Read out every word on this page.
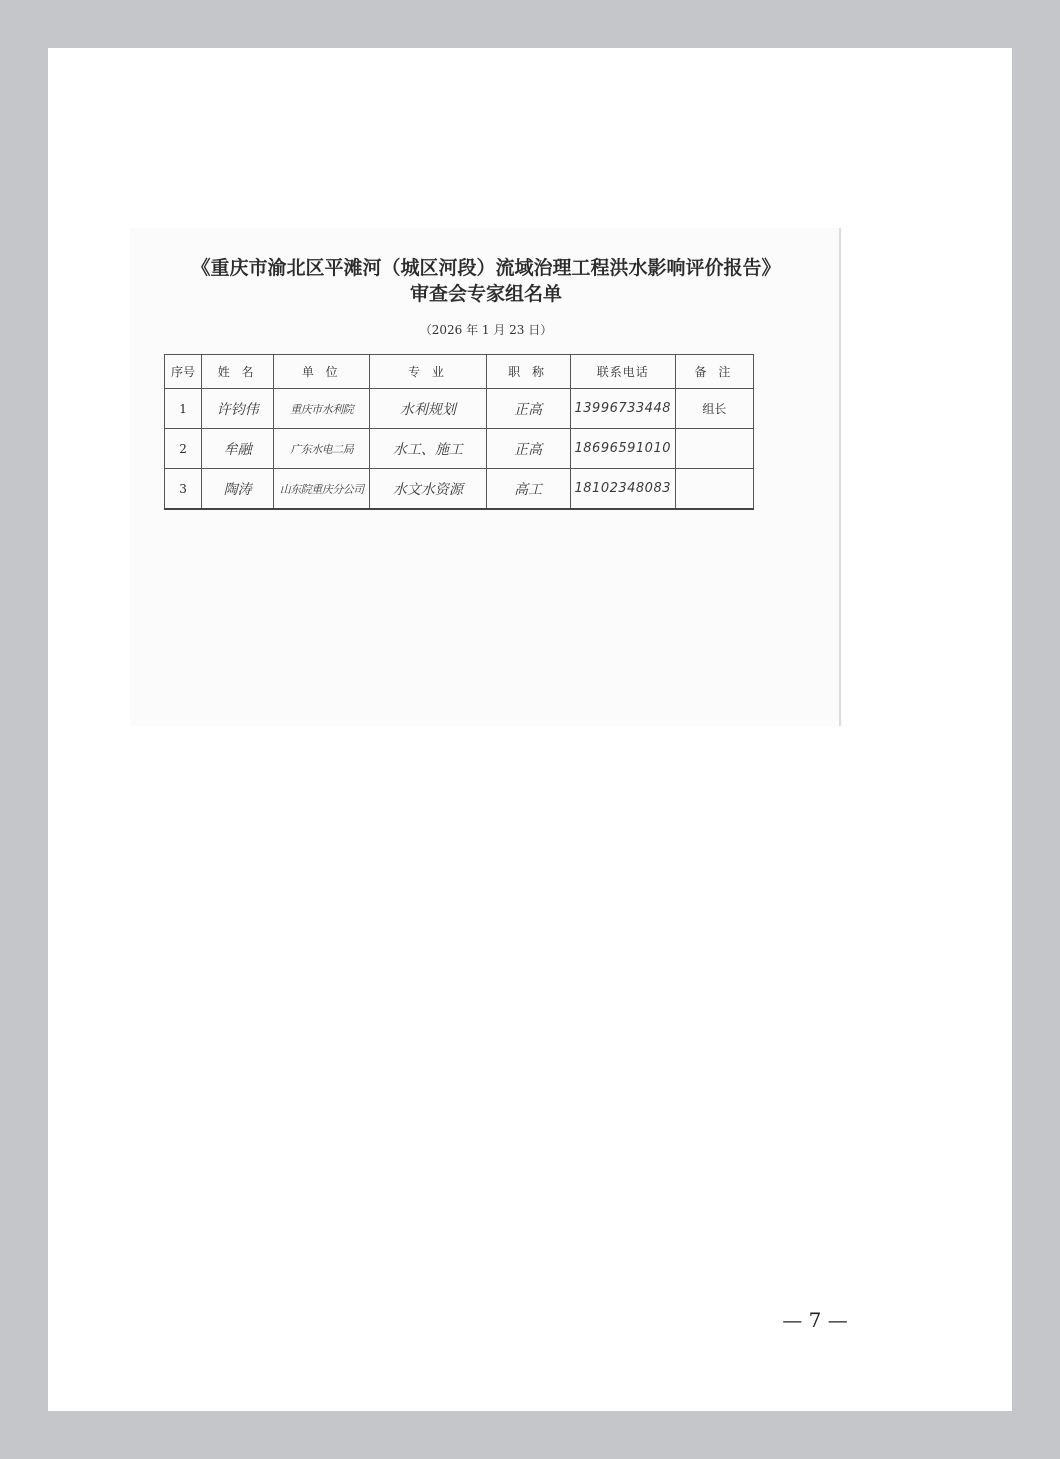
《重庆市渝北区平滩河（城区河段）流域治理工程洪水影响评价报告》
审查会专家组名单
（2026 年 1 月 23 日）
序号	姓 名	单 位	专 业	职 称	联系电话	备 注
1	许钧伟	重庆市水利院	水利规划	正高	13996733448	组长
2	牟融	广东水电二局	水工、施工	正高	18696591010	

3	陶涛	山东院重庆分公司	水文水资源	高工	18102348083	

— 7 —
